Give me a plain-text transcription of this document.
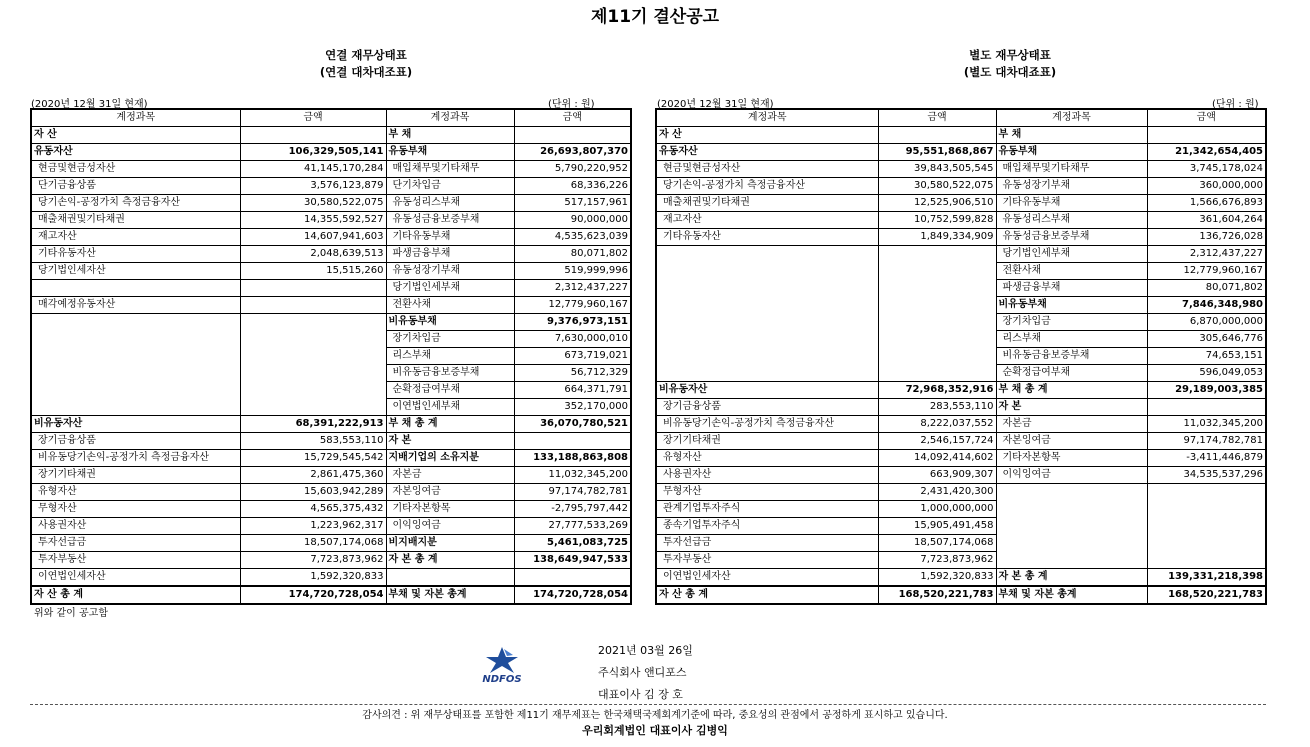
제11기 결산공고
연결 재무상태표
(연결 대차대조표)
별도 재무상태표
(별도 대차대죠표)
(2020년 12월 31일 현재)	(단위 : 원)	(2020년 12월 31일 현재)	(단위 : 원)
계정과목	금액	계정과목	금액
자 산		부 채	
유동자산	106,329,505,141	유동부채	26,693,807,370
현금및현금성자산	41,145,170,284	매입채무및기타채무	5,790,220,952
단기금융상품	3,576,123,879	단기차입금	68,336,226
당기손익-공정가치 측정금융자산	30,580,522,075	유동성리스부채	517,157,961
매출채권및기타채권	14,355,592,527	유동성금융보증부채	90,000,000
재고자산	14,607,941,603	기타유동부채	4,535,623,039
기타유동자산	2,048,639,513	파생금융부채	80,071,802
당기법인세자산	15,515,260	유동성장기부채	519,999,996
		당기법인세부채	2,312,437,227
매각예정유동자산		전환사채	12,779,960,167
		비유동부채	9,376,973,151
		장기차입금	7,630,000,010
		리스부채	673,719,021
		비유동금융보증부채	56,712,329
		순확정급여부채	664,371,791
		이연법인세부채	352,170,000
비유동자산	68,391,222,913	부 채 총 계	36,070,780,521
장기금융상품	583,553,110	자 본	
비유동당기손익-공정가치 측정금융자산	15,729,545,542	지배기업의 소유지분	133,188,863,808
장기기타채권	2,861,475,360	자본금	11,032,345,200
유형자산	15,603,942,289	자본잉여금	97,174,782,781
무형자산	4,565,375,432	기타자본항목	-2,795,797,442
사용권자산	1,223,962,317	이익잉여금	27,777,533,269
투자선급금	18,507,174,068	비지배지분	5,461,083,725
투자부동산	7,723,873,962	자 본 총 계	138,649,947,533
이연법인세자산	1,592,320,833		
자 산 총 계	174,720,728,054	부채 및 자본 총계	174,720,728,054
계정과목	금액	계정과목	금액
자 산		부 채	
유동자산	95,551,868,867	유동부채	21,342,654,405
현금및현금성자산	39,843,505,545	매입채무및기타채무	3,745,178,024
당기손익-공정가치 측정금융자산	30,580,522,075	유동성장기부채	360,000,000
매출채권및기타채권	12,525,906,510	기타유동부채	1,566,676,893
재고자산	10,752,599,828	유동성리스부채	361,604,264
기타유동자산	1,849,334,909	유동성금융보증부채	136,726,028
		당기법인세부채	2,312,437,227
		전환사채	12,779,960,167
		파생금융부채	80,071,802
		비유동부채	7,846,348,980
		장기차입금	6,870,000,000
		리스부채	305,646,776
		비유동금융보증부채	74,653,151
		순확정급여부채	596,049,053
비유동자산	72,968,352,916	부 채 총 계	29,189,003,385
장기금융상품	283,553,110	자 본	
비유동당기손익-공정가치 측정금융자산	8,222,037,552	자본금	11,032,345,200
장기기타채권	2,546,157,724	자본잉여금	97,174,782,781
유형자산	14,092,414,602	기타자본항목	-3,411,446,879
사용권자산	663,909,307	이익잉여금	34,535,537,296
무형자산	2,431,420,300		
관계기업투자주식	1,000,000,000		
종속기업투자주식	15,905,491,458		
투자선급금	18,507,174,068		
투자부동산	7,723,873,962		
이연법인세자산	1,592,320,833	자 본 총 계	139,331,218,398
자 산 총 계	168,520,221,783	부채 및 자본 총계	168,520,221,783
위와 같이 공고함
NDFOS
2021년 03월 26일
주식회사 앤디포스
대표이사 김 장 호
감사의견 : 위 재무상태표를 포함한 제11기 재무제표는 한국채택국제회계기준에 따라, 중요성의 관점에서 공정하게 표시하고 있습니다.
우리회계법인 대표이사 김병익
